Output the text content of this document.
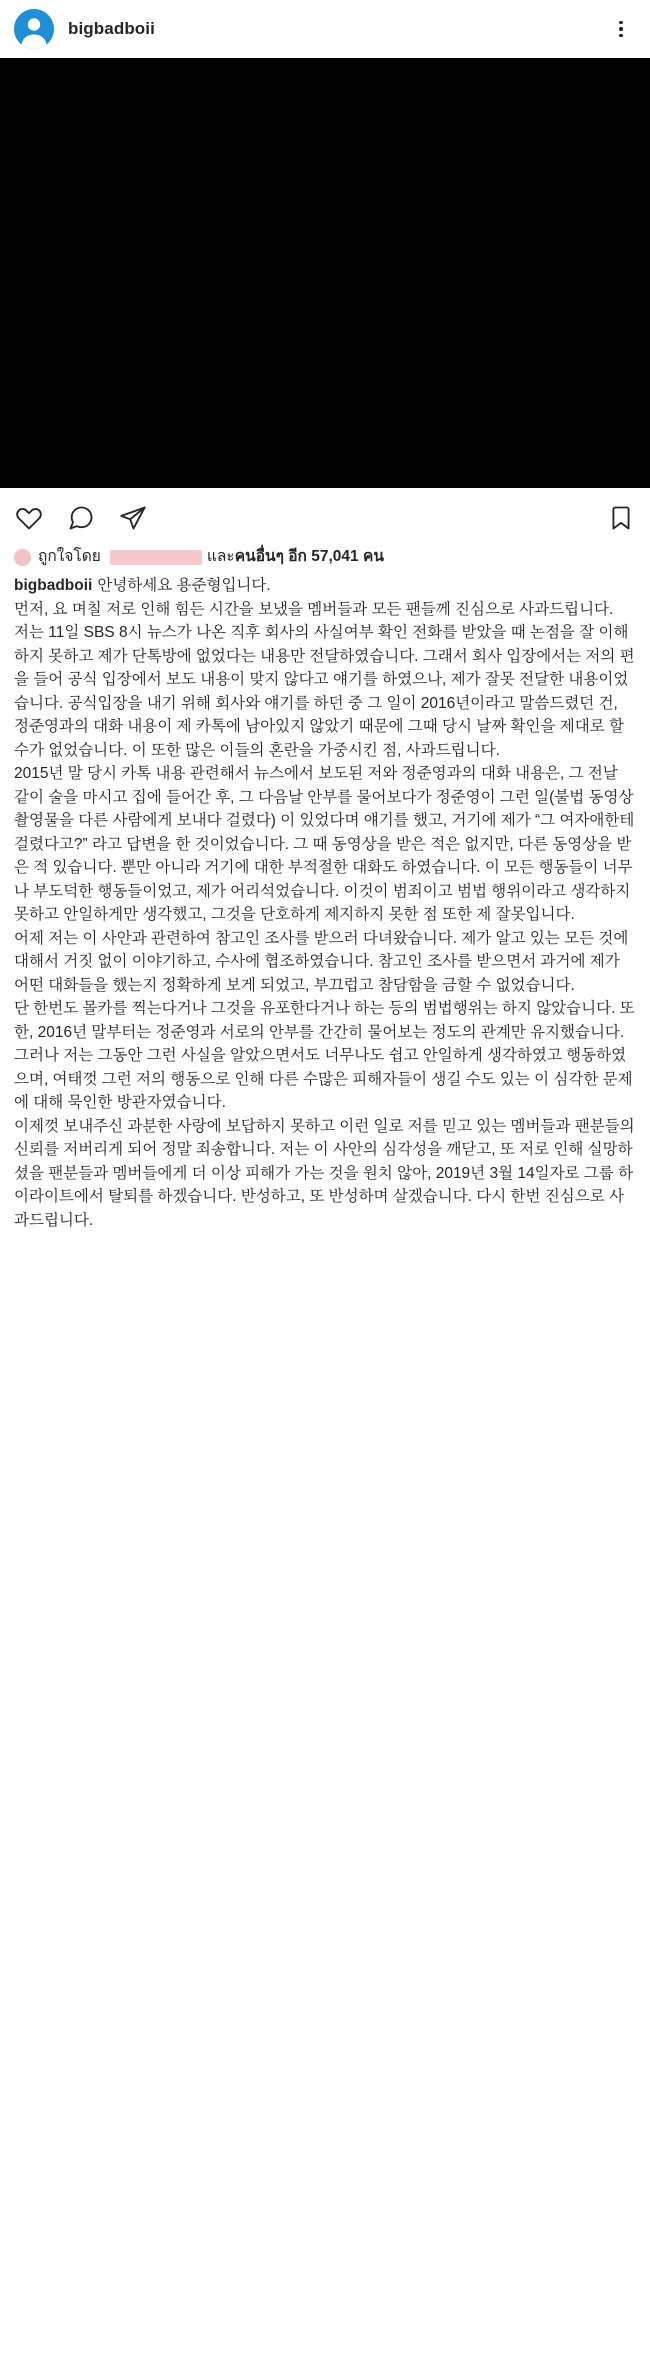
bigbadboii
ถูกใจโดย	และ คนอื่นๆ อีก 57,041 คน

bigbadboii 안녕하세요 용준형입니다.

먼저, 요 며칠 저로 인해 힘든 시간을 보냈을 멤버들과 모든 팬들께 진심으로 사과드립니다.

저는 11일 SBS 8시 뉴스가 나온 직후 회사의 사실여부 확인 전화를 받았을 때 논점을 잘 이해하지 못하고 제가 단톡방에 없었다는 내용만 전달하였습니다. 그래서 회사 입장에서는 저의 편을 들어 공식 입장에서 보도 내용이 맞지 않다고 얘기를 하였으나, 제가 잘못 전달한 내용이었습니다. 공식입장을 내기 위해 회사와 얘기를 하던 중 그 일이 2016년이라고 말씀드렸던 건, 정준영과의 대화 내용이 제 카톡에 남아있지 않았기 때문에 그때 당시 날짜 확인을 제대로 할 수가 없었습니다. 이 또한 많은 이들의 혼란을 가중시킨 점, 사과드립니다.

2015년 말 당시 카톡 내용 관련해서 뉴스에서 보도된 저와 정준영과의 대화 내용은, 그 전날 같이 술을 마시고 집에 들어간 후, 그 다음날 안부를 물어보다가 정준영이 그런 일(불법 동영상 촬영물을 다른 사람에게 보내다 걸렸다) 이 있었다며 얘기를 했고, 거기에 제가 “그 여자애한테 걸렸다고?” 라고 답변을 한 것이었습니다. 그 때 동영상을 받은 적은 없지만, 다른 동영상을 받은 적 있습니다. 뿐만 아니라 거기에 대한 부적절한 대화도 하였습니다. 이 모든 행동들이 너무나 부도덕한 행동들이었고, 제가 어리석었습니다. 이것이 범죄이고 범법 행위이라고 생각하지 못하고 안일하게만 생각했고, 그것을 단호하게 제지하지 못한 점 또한 제 잘못입니다.

어제 저는 이 사안과 관련하여 참고인 조사를 받으러 다녀왔습니다. 제가 알고 있는 모든 것에 대해서 거짓 없이 이야기하고, 수사에 협조하였습니다. 참고인 조사를 받으면서 과거에 제가 어떤 대화들을 했는지 정확하게 보게 되었고, 부끄럽고 참담함을 금할 수 없었습니다.

단 한번도 몰카를 찍는다거나 그것을 유포한다거나 하는 등의 범법행위는 하지 않았습니다. 또한, 2016년 말부터는 정준영과 서로의 안부를 간간히 물어보는 정도의 관계만 유지했습니다. 그러나 저는 그동안 그런 사실을 알았으면서도 너무나도 쉽고 안일하게 생각하였고 행동하였으며, 여태껏 그런 저의 행동으로 인해 다른 수많은 피해자들이 생길 수도 있는 이 심각한 문제에 대해 묵인한 방관자였습니다.

이제껏 보내주신 과분한 사랑에 보답하지 못하고 이런 일로 저를 믿고 있는 멤버들과 팬분들의 신뢰를 저버리게 되어 정말 죄송합니다. 저는 이 사안의 심각성을 깨닫고, 또 저로 인해 실망하셨을 팬분들과 멤버들에게 더 이상 피해가 가는 것을 원치 않아, 2019년 3월 14일자로 그룹 하이라이트에서 탈퇴를 하겠습니다. 반성하고, 또 반성하며 살겠습니다. 다시 한번 진심으로 사과드립니다.
